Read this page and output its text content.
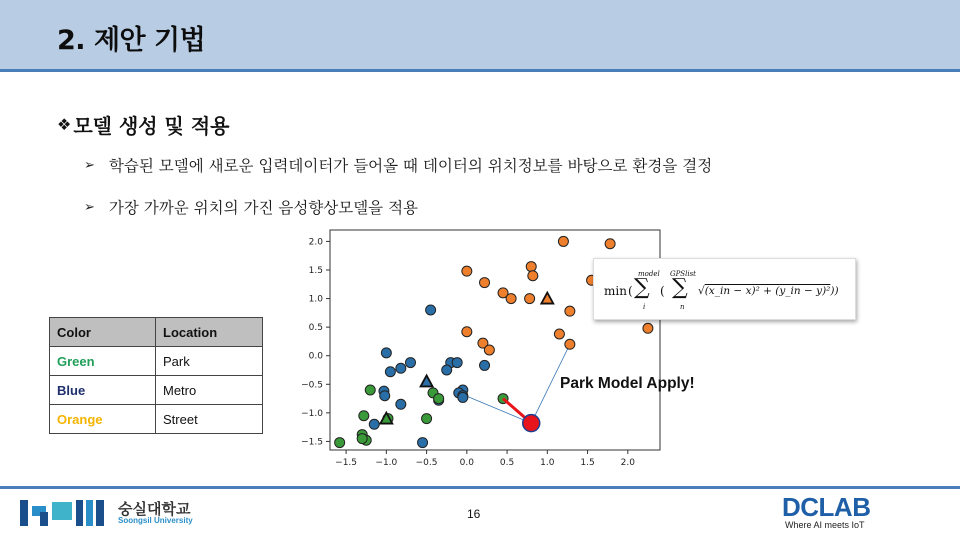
2. 제안 기법
❖ 모델 생성 및 적용
➢ 학습된 모델에 새로운 입력데이터가 들어올 때 데이터의 위치정보를 바탕으로 환경을 결정
➢ 가장 가까운 위치의 가진 음성향상모델을 적용
Color	Location
Green	Park
Blue	Metro
Orange	Street
−1.5 −1.0 −0.5 0.0	0.5	1.0	1.5	2.0
2.0
1.5
1.0
0.5
0.0
−0.5
−1.0
−1.5
min (
model
∑
i
(
GPSlist
∑
n
√(x_in − x)² + (y_in − y)²))
Park Model Apply!
16
숭실대학교
Soongsil University	DCLAB
Where AI meets IoT
